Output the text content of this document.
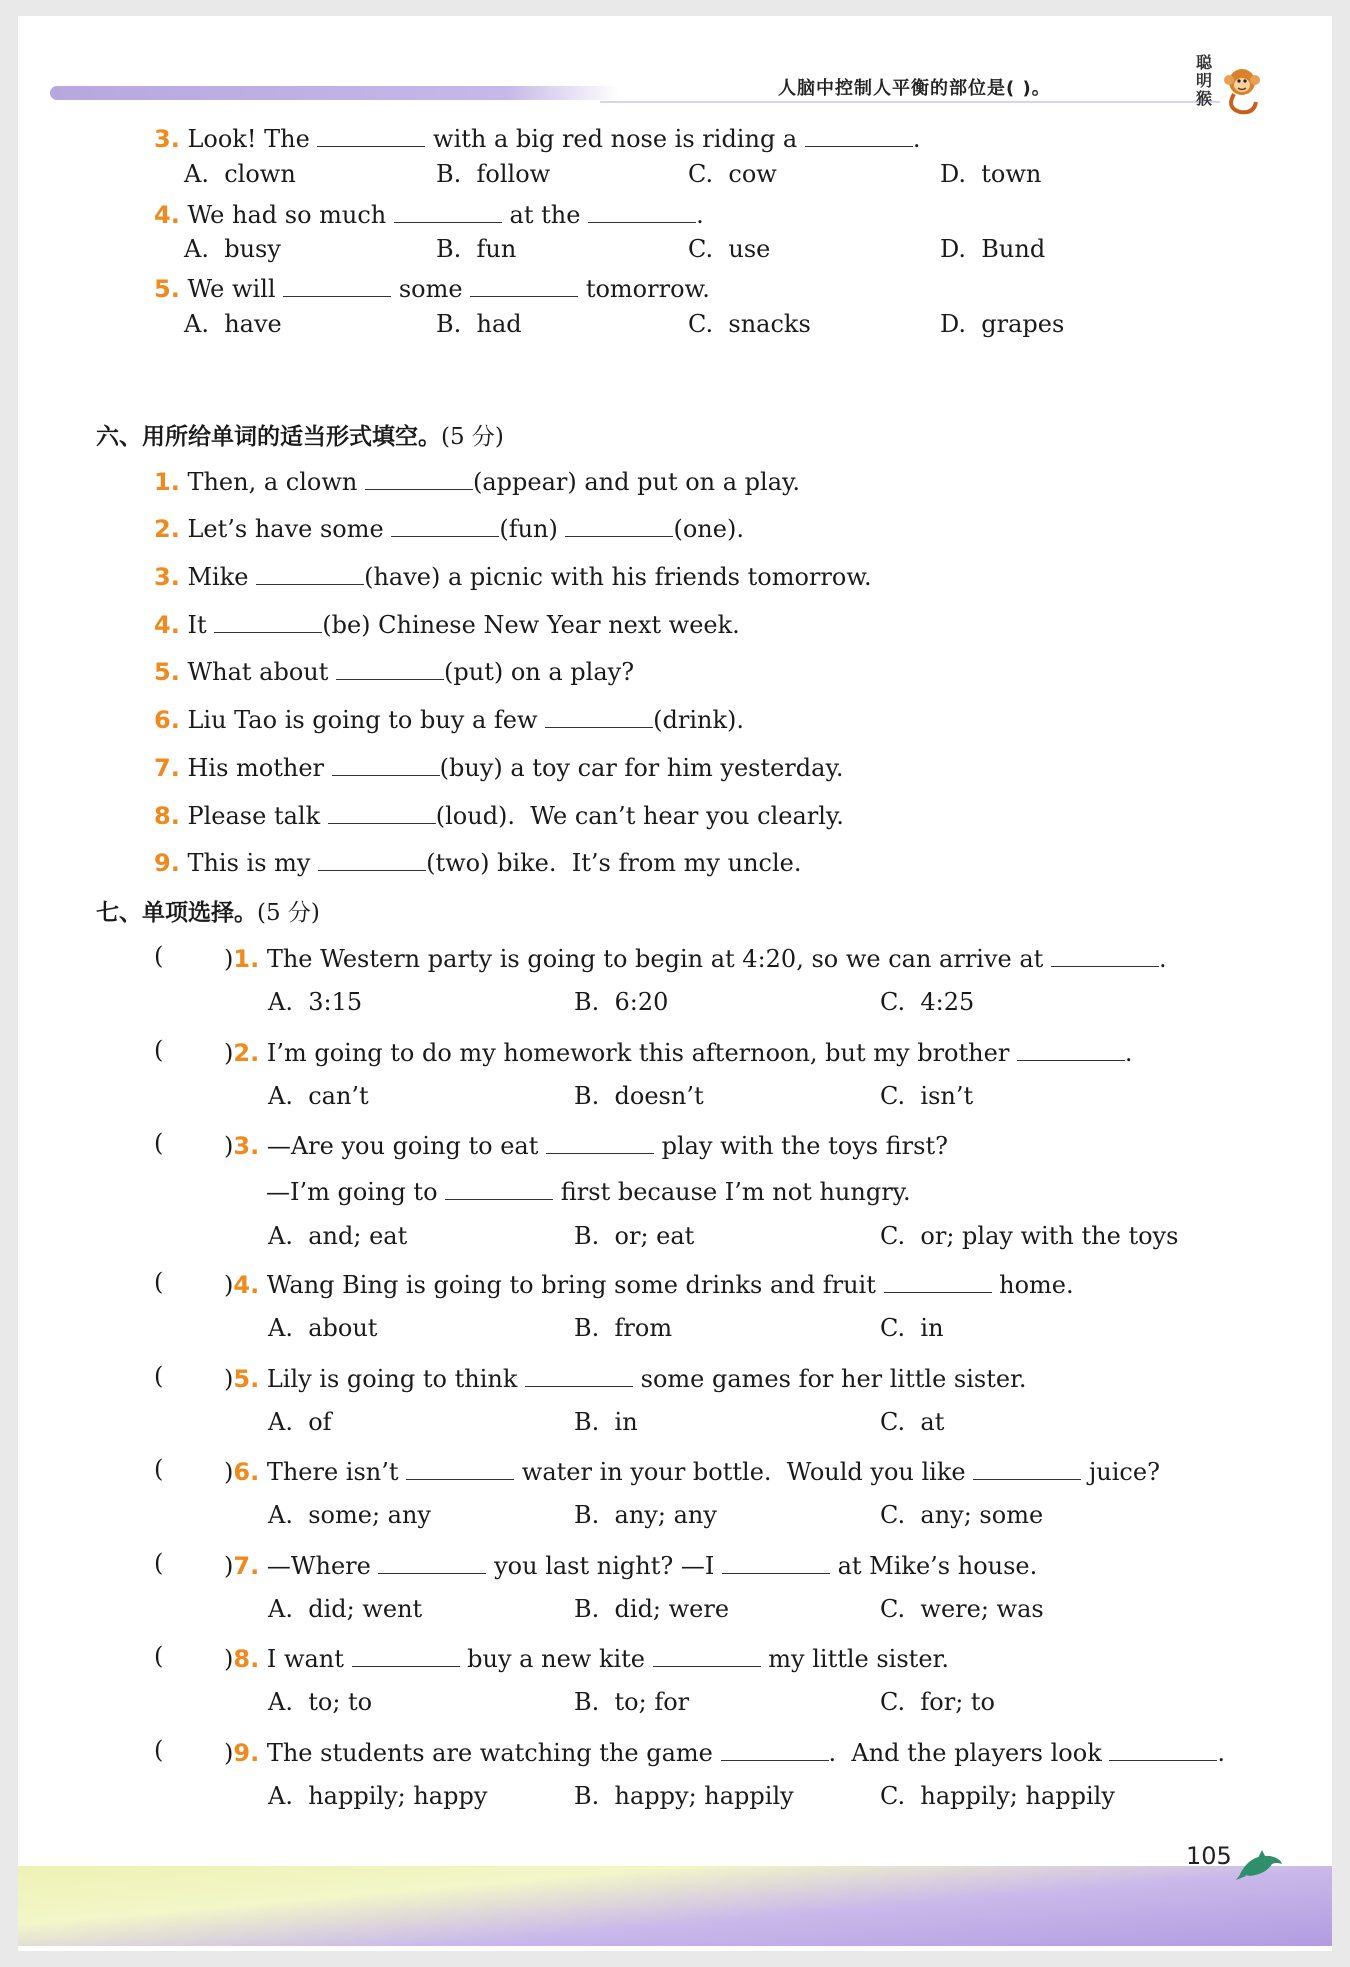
人脑中控制人平衡的部位是( )。
聪明猴
3. Look! The	with a big red nose is riding a	.
A.  clown	B.  follow	C.  cow	D.  town
4. We had so much	at the	.
A.  busy	B.  fun	C.  use	D.  Bund
5. We will	some	tomorrow.
A.  have	B.  had	C.  snacks	D.  grapes
六、用所给单词的适当形式填空。(5 分)
1. Then, a clown	(appear) and put on a play.
2. Let’s have some	(fun)	(one).
3. Mike	(have) a picnic with his friends tomorrow.
4. It	(be) Chinese New Year next week.
5. What about	(put) on a play?
6. Liu Tao is going to buy a few	(drink).
7. His mother	(buy) a toy car for him yesterday.
8. Please talk	(loud).  We can’t hear you clearly.
9. This is my	(two) bike.  It’s from my uncle.
七、单项选择。(5 分)
(	)1. The Western party is going to begin at 4:20, so we can arrive at	.
A.  3:15	B.  6:20	C.  4:25
(	)2. I’m going to do my homework this afternoon, but my brother	.
A.  can’t	B.  doesn’t	C.  isn’t
(	)3. —Are you going to eat	play with the toys first?
—I’m going to	first because I’m not hungry.
A.  and; eat	B.  or; eat	C.  or; play with the toys
(	)4. Wang Bing is going to bring some drinks and fruit	home.
A.  about	B.  from	C.  in
(	)5. Lily is going to think	some games for her little sister.
A.  of	B.  in	C.  at
(	)6. There isn’t	water in your bottle.  Would you like	juice?
A.  some; any	B.  any; any	C.  any; some
(	)7. —Where	you last night? —I	at Mike’s house.
A.  did; went	B.  did; were	C.  were; was
(	)8. I want	buy a new kite	my little sister.
A.  to; to	B.  to; for	C.  for; to
(	)9. The students are watching the game	.  And the players look	.
A.  happily; happy	B.  happy; happily	C.  happily; happily
105
